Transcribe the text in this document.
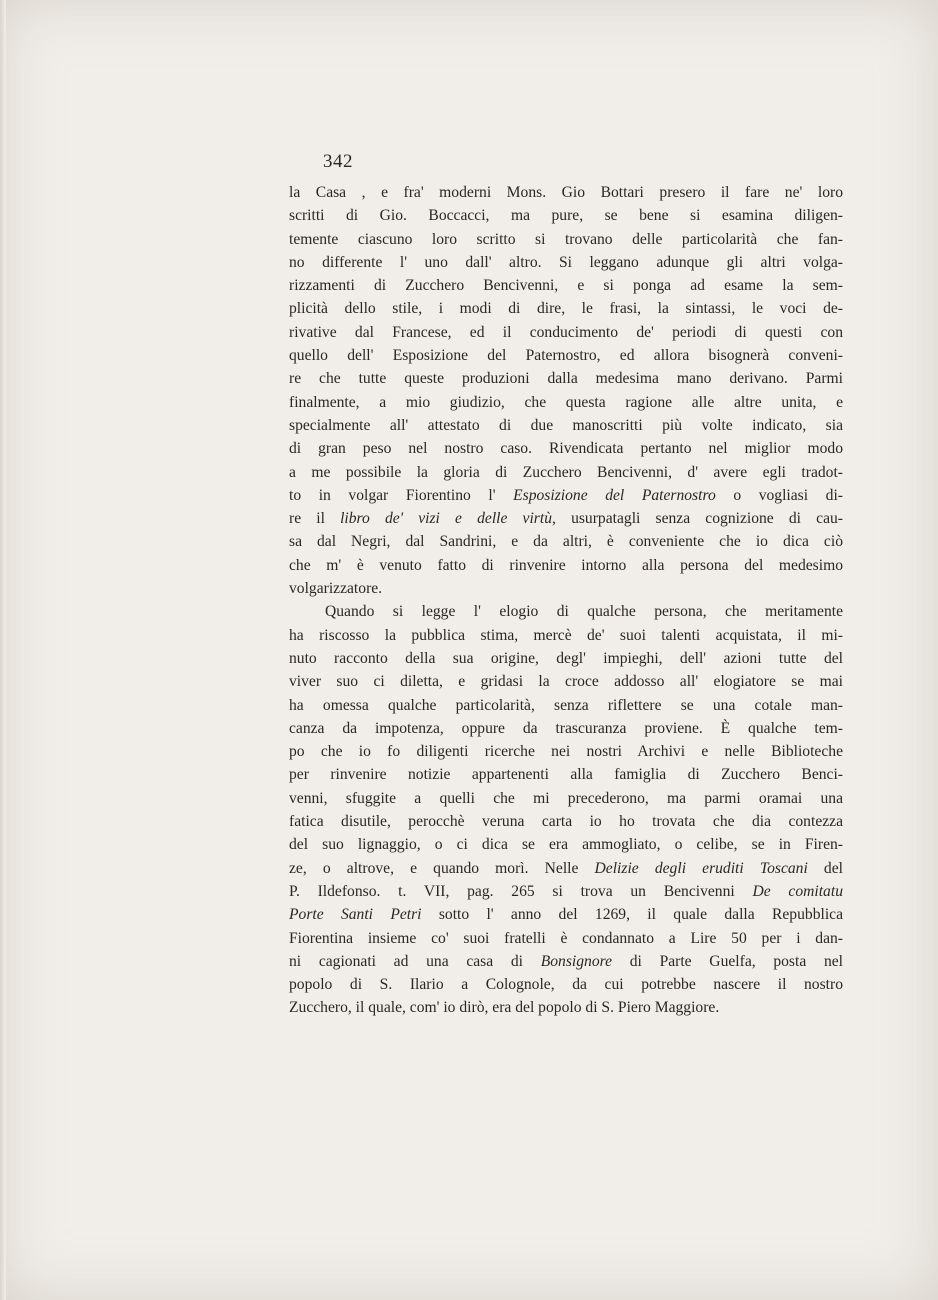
342
la Casa , e fra' moderni Mons. Gio Bottari presero il fare ne' loro
scritti di Gio. Boccacci, ma pure, se bene si esamina diligen-
temente ciascuno loro scritto si trovano delle particolarità che fan-
no differente l' uno dall' altro. Si leggano adunque gli altri volga-
rizzamenti di Zucchero Bencivenni, e si ponga ad esame la sem-
plicità dello stile, i modi di dire, le frasi, la sintassi, le voci de-
rivative dal Francese, ed il conducimento de' periodi di questi con
quello dell' Esposizione del Paternostro, ed allora bisognerà conveni-
re che tutte queste produzioni dalla medesima mano derivano. Parmi
finalmente, a mio giudizio, che questa ragione alle altre unita, e
specialmente all' attestato di due manoscritti più volte indicato, sia
di gran peso nel nostro caso. Rivendicata pertanto nel miglior modo
a me possibile la gloria di Zucchero Bencivenni, d' avere egli tradot-
to in volgar Fiorentino l' Esposizione del Paternostro o vogliasi di-
re il libro de' vizi e delle virtù, usurpatagli senza cognizione di cau-
sa dal Negri, dal Sandrini, e da altri, è conveniente che io dica ciò
che m' è venuto fatto di rinvenire intorno alla persona del medesimo
volgarizzatore.
Quando si legge l' elogio di qualche persona, che meritamente
ha riscosso la pubblica stima, mercè de' suoi talenti acquistata, il mi-
nuto racconto della sua origine, degl' impieghi, dell' azioni tutte del
viver suo ci diletta, e gridasi la croce addosso all' elogiatore se mai
ha omessa qualche particolarità, senza riflettere se una cotale man-
canza da impotenza, oppure da trascuranza proviene. È qualche tem-
po che io fo diligenti ricerche nei nostri Archivi e nelle Biblioteche
per rinvenire notizie appartenenti alla famiglia di Zucchero Benci-
venni, sfuggite a quelli che mi precederono, ma parmi oramai una
fatica disutile, perocchè veruna carta io ho trovata che dia contezza
del suo lignaggio, o ci dica se era ammogliato, o celibe, se in Firen-
ze, o altrove, e quando morì. Nelle Delizie degli eruditi Toscani del
P. Ildefonso. t. VII, pag. 265 si trova un Bencivenni De comitatu
Porte Santi Petri sotto l' anno del 1269, il quale dalla Repubblica
Fiorentina insieme co' suoi fratelli è condannato a Lire 50 per i dan-
ni cagionati ad una casa di Bonsignore di Parte Guelfa, posta nel
popolo di S. Ilario a Colognole, da cui potrebbe nascere il nostro
Zucchero, il quale, com' io dirò, era del popolo di S. Piero Maggiore.
